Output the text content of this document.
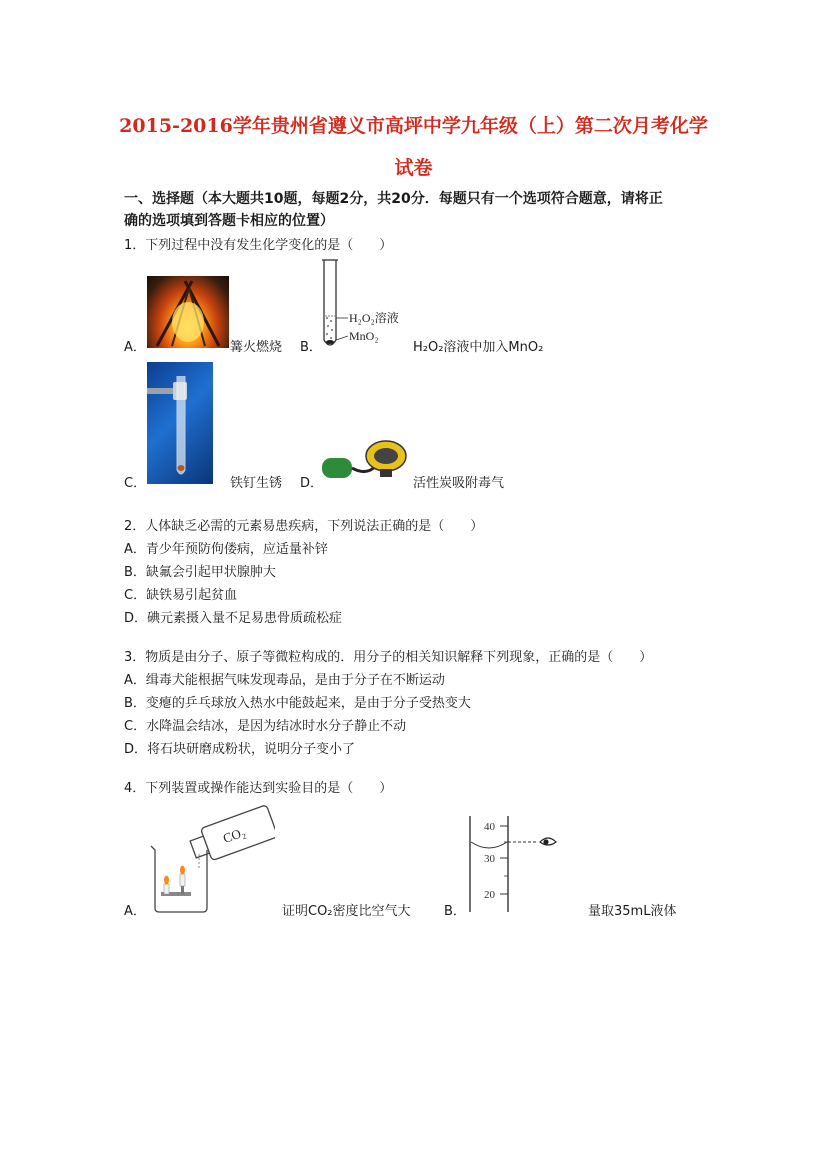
2015-2016学年贵州省遵义市高坪中学九年级（上）第二次月考化学
试卷
一、选择题（本大题共10题，每题2分，共20分．每题只有一个选项符合题意，请将正
确的选项填到答题卡相应的位置）
1．下列过程中没有发生化学变化的是（　　）
A．	篝火燃烧 B．
H₂O₂溶液
MnO₂
H₂O₂溶液中加入MnO₂
C．	铁钉生锈 D．	活性炭吸附毒气
2．人体缺乏必需的元素易患疾病，下列说法正确的是（　　）
A．青少年预防佝偻病，应适量补锌
B．缺氟会引起甲状腺肿大
C．缺铁易引起贫血
D．碘元素摄入量不足易患骨质疏松症
3．物质是由分子、原子等微粒构成的．用分子的相关知识解释下列现象，正确的是（　　）
A．缉毒犬能根据气味发现毒品，是由于分子在不断运动
B．变瘪的乒乓球放入热水中能鼓起来，是由于分子受热变大
C．水降温会结冰，是因为结冰时水分子静止不动
D．将石块研磨成粉状，说明分子变小了
4．下列装置或操作能达到实验目的是（　　）
A．
CO₂
证明CO₂密度比空气大	B．
40
30
20
量取35mL液体
